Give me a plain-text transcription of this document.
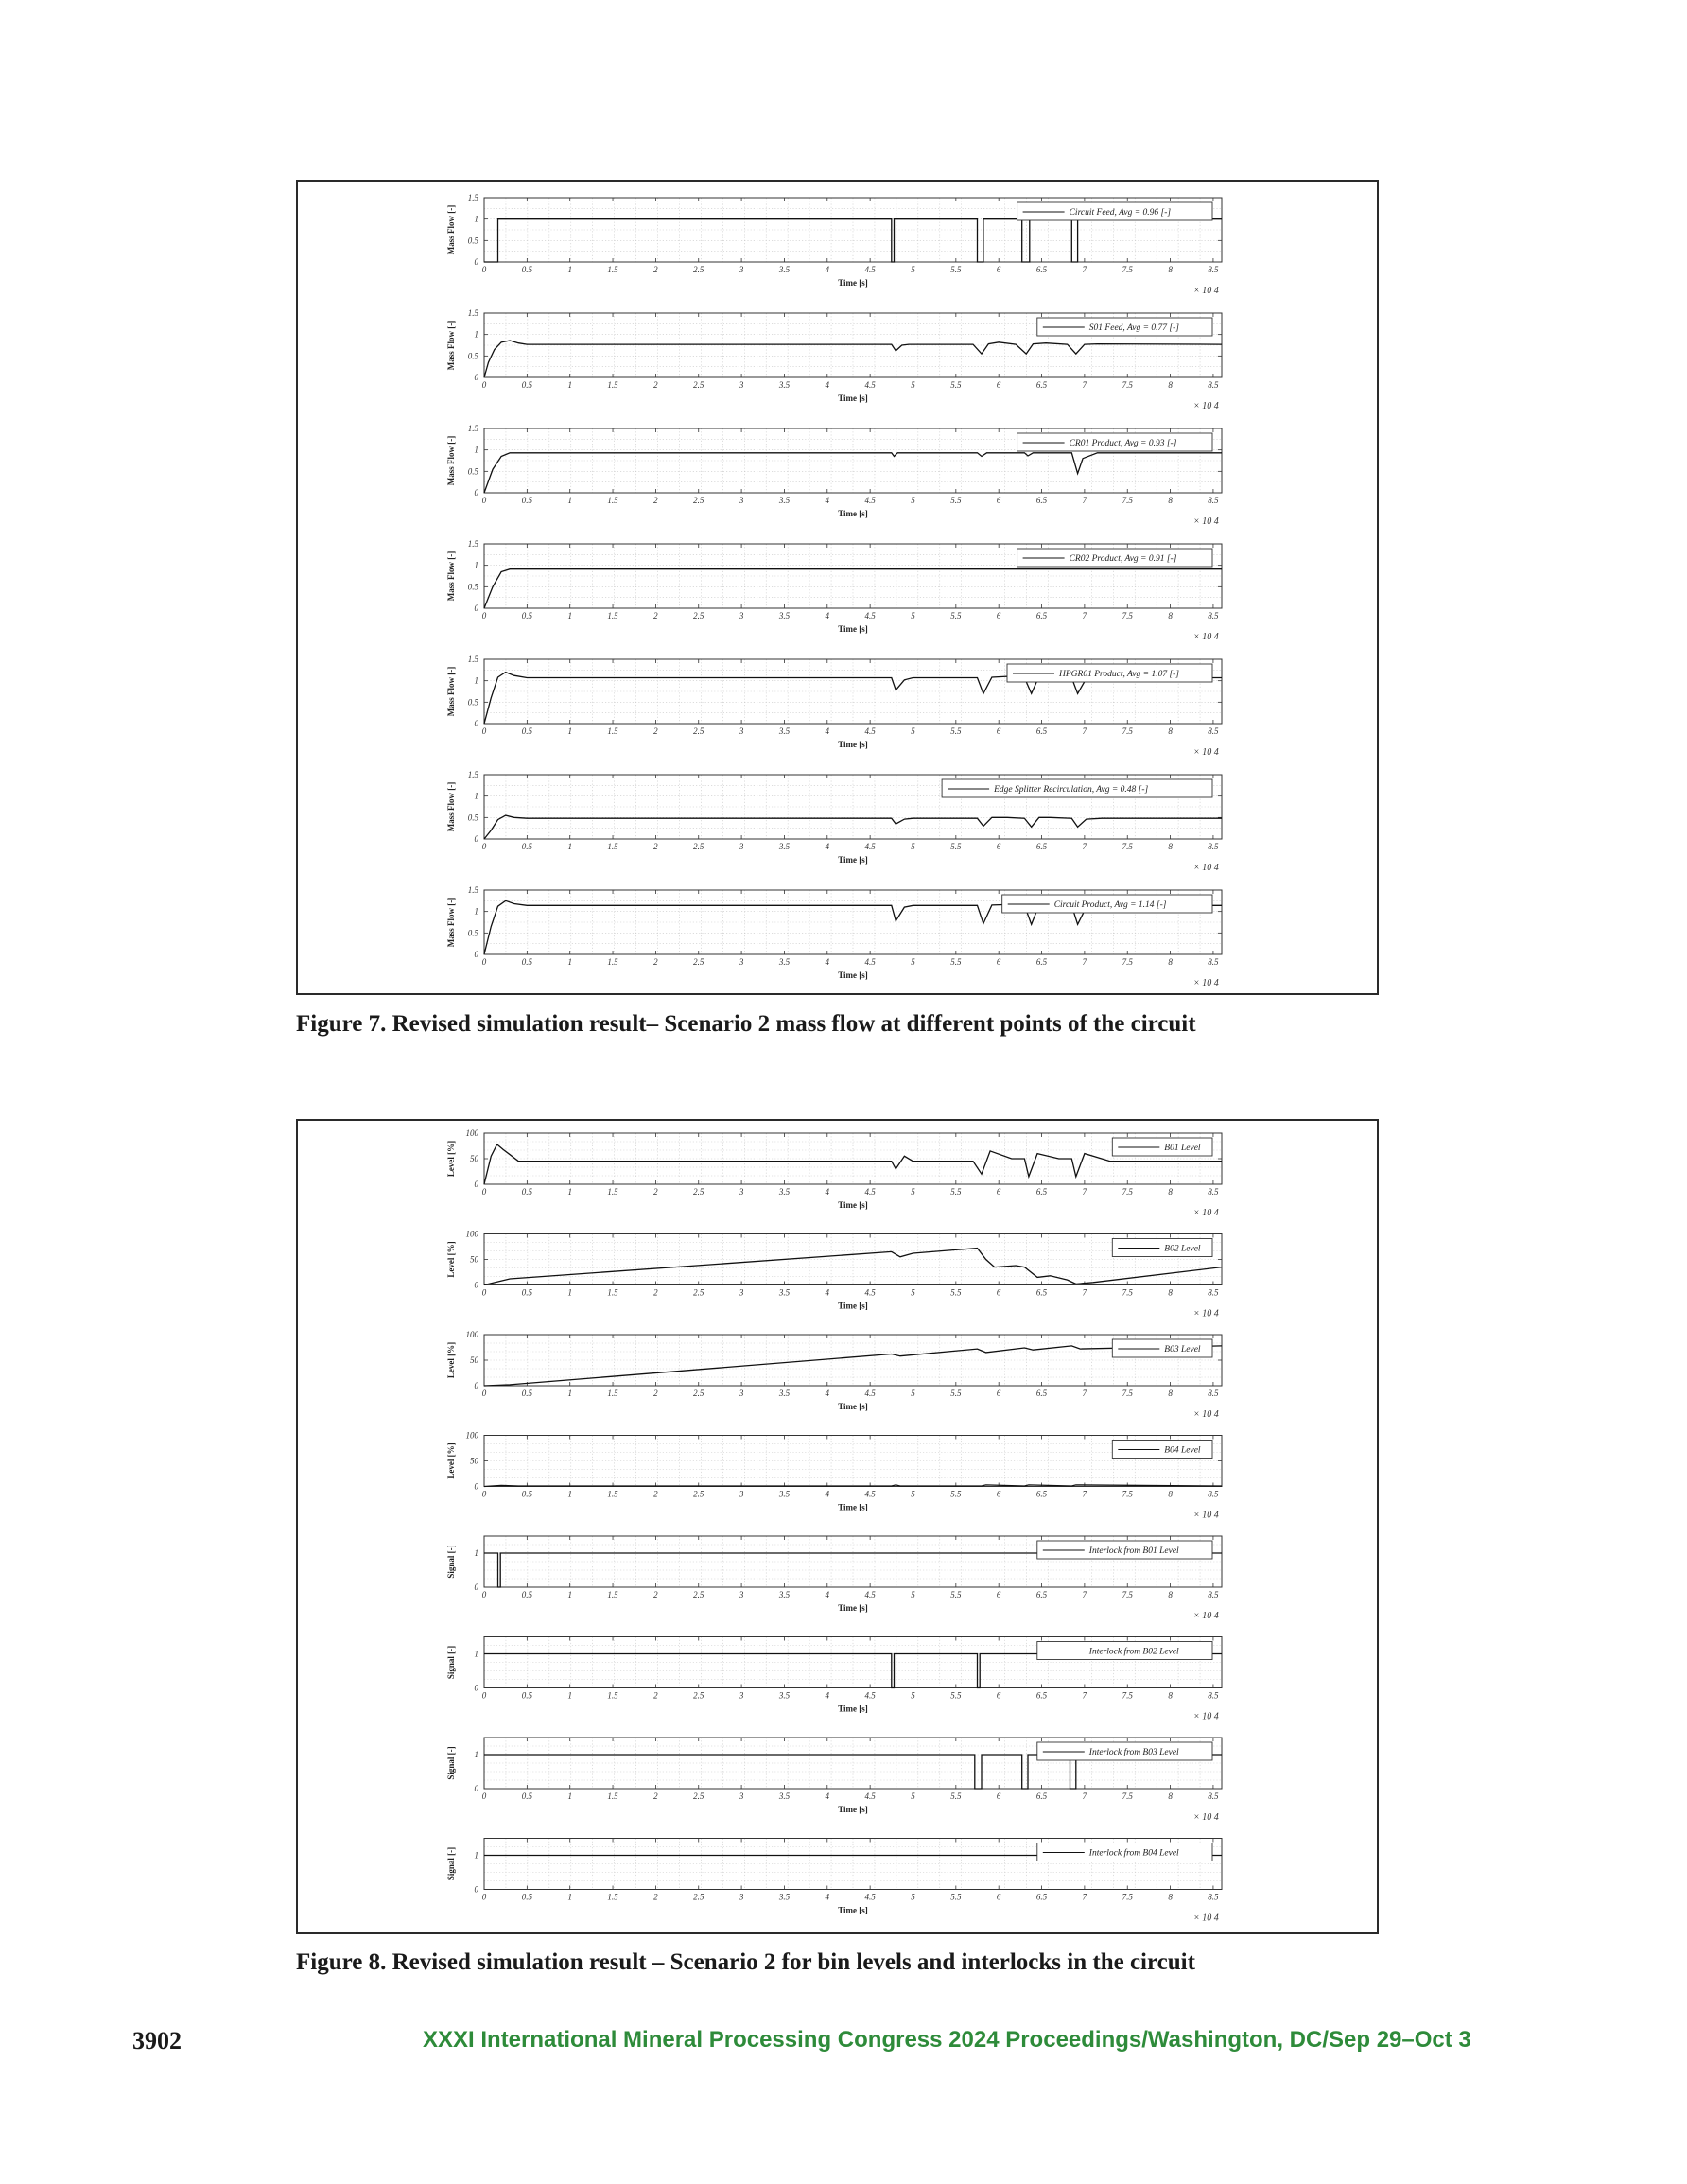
0	0.5	1	1.5	2	2.5	3	3.5	4	4.5	5	5.5	6	6.5	7	7.5	8	8.5
0
0.5
1
1.5
Mass Flow [-]
Time [s]
× 10 4
Circuit Feed, Avg = 0.96 [-]
0	0.5	1	1.5	2	2.5	3	3.5	4	4.5	5	5.5	6	6.5	7	7.5	8	8.5
0
0.5
1
1.5
Mass Flow [-]
Time [s]
× 10 4
S01 Feed, Avg = 0.77 [-]
0	0.5	1	1.5	2	2.5	3	3.5	4	4.5	5	5.5	6	6.5	7	7.5	8	8.5
0
0.5
1
1.5
Mass Flow [-]
Time [s]
× 10 4
CR01 Product, Avg = 0.93 [-]
0	0.5	1	1.5	2	2.5	3	3.5	4	4.5	5	5.5	6	6.5	7	7.5	8	8.5
0
0.5
1
1.5
Mass Flow [-]
Time [s]
× 10 4
CR02 Product, Avg = 0.91 [-]
0	0.5	1	1.5	2	2.5	3	3.5	4	4.5	5	5.5	6	6.5	7	7.5	8	8.5
0
0.5
1
1.5
Mass Flow [-]
Time [s]
× 10 4
HPGR01 Product, Avg = 1.07 [-]
0	0.5	1	1.5	2	2.5	3	3.5	4	4.5	5	5.5	6	6.5	7	7.5	8	8.5
0
0.5
1
1.5
Mass Flow [-]
Time [s]
× 10 4
Edge Splitter Recirculation, Avg = 0.48 [-]
0	0.5	1	1.5	2	2.5	3	3.5	4	4.5	5	5.5	6	6.5	7	7.5	8	8.5
0
0.5
1
1.5
Mass Flow [-]
Time [s]
× 10 4
Circuit Product, Avg = 1.14 [-]
Figure 7. Revised simulation result– Scenario 2 mass flow at different points of the circuit
0	0.5	1	1.5	2	2.5	3	3.5	4	4.5	5	5.5	6	6.5	7	7.5	8	8.5
0
50
100
Level [%]
Time [s]
× 10 4
B01 Level
0	0.5	1	1.5	2	2.5	3	3.5	4	4.5	5	5.5	6	6.5	7	7.5	8	8.5
0
50
100
Level [%]
Time [s]
× 10 4
B02 Level
0	0.5	1	1.5	2	2.5	3	3.5	4	4.5	5	5.5	6	6.5	7	7.5	8	8.5
0
50
100
Level [%]
Time [s]
× 10 4
B03 Level
0	0.5	1	1.5	2	2.5	3	3.5	4	4.5	5	5.5	6	6.5	7	7.5	8	8.5
0
50
100
Level [%]
Time [s]
× 10 4
B04 Level
0	0.5	1	1.5	2	2.5	3	3.5	4	4.5	5	5.5	6	6.5	7	7.5	8	8.5
0
1
Signal [-]
Time [s]
× 10 4
Interlock from B01 Level
0	0.5	1	1.5	2	2.5	3	3.5	4	4.5	5	5.5	6	6.5	7	7.5	8	8.5
0
1
Signal [-]
Time [s]
× 10 4
Interlock from B02 Level
0	0.5	1	1.5	2	2.5	3	3.5	4	4.5	5	5.5	6	6.5	7	7.5	8	8.5
0
1
Signal [-]
Time [s]
× 10 4
Interlock from B03 Level
0	0.5	1	1.5	2	2.5	3	3.5	4	4.5	5	5.5	6	6.5	7	7.5	8	8.5
0
1
Signal [-]
Time [s]
× 10 4
Interlock from B04 Level
Figure 8. Revised simulation result – Scenario 2 for bin levels and interlocks in the circuit
3902	XXXI International Mineral Processing Congress 2024 Proceedings/Washington, DC/Sep 29–Oct 3
